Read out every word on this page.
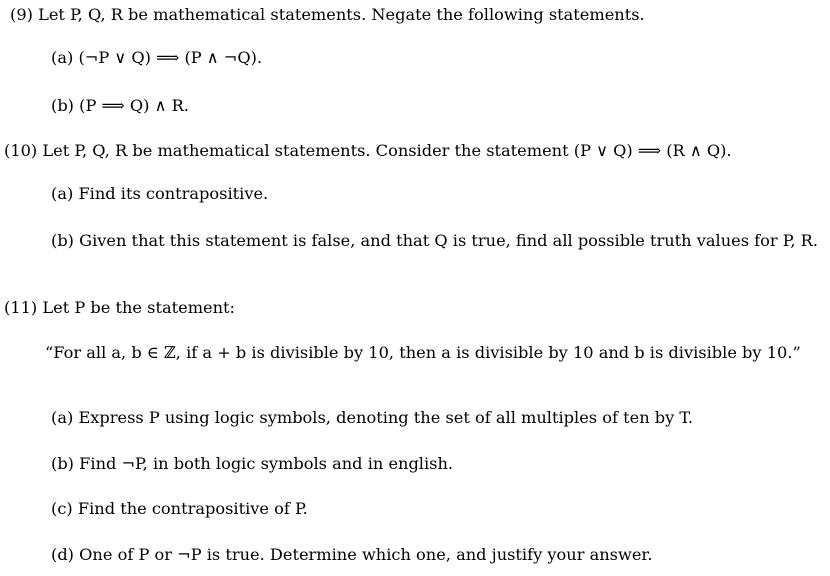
(9) Let P, Q, R be mathematical statements. Negate the following statements.
(a) (¬P ∨ Q) ⟹ (P ∧ ¬Q).
(b) (P ⟹ Q) ∧ R.
(10) Let P, Q, R be mathematical statements. Consider the statement (P ∨ Q) ⟹ (R ∧ Q).
(a) Find its contrapositive.
(b) Given that this statement is false, and that Q is true, find all possible truth values for P, R.
(11) Let P be the statement:
“For all a, b ∈ ℤ, if a + b is divisible by 10, then a is divisible by 10 and b is divisible by 10.”
(a) Express P using logic symbols, denoting the set of all multiples of ten by T.
(b) Find ¬P, in both logic symbols and in english.
(c) Find the contrapositive of P.
(d) One of P or ¬P is true. Determine which one, and justify your answer.
